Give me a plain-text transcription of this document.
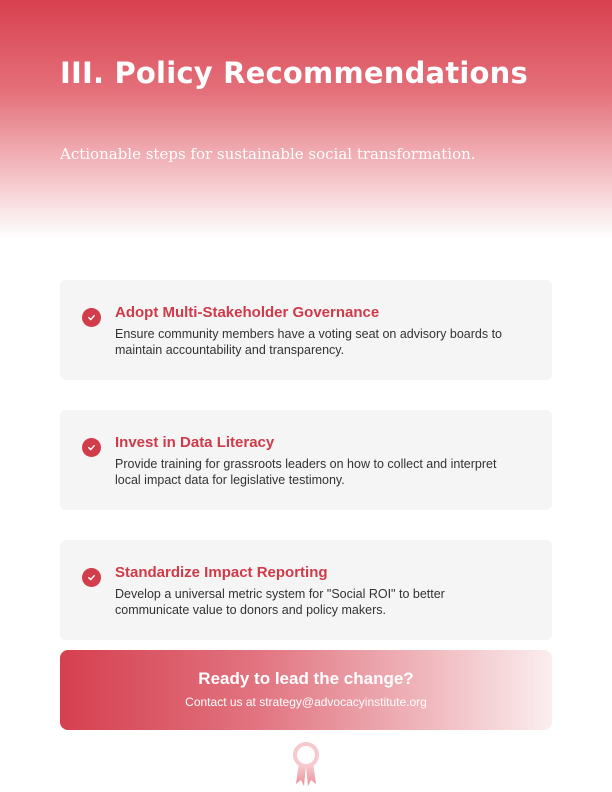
III. Policy Recommendations

Actionable steps for sustainable social transformation.

Adopt Multi-Stakeholder Governance
Ensure community members have a voting seat on advisory boards to maintain accountability and transparency.
Invest in Data Literacy
Provide training for grassroots leaders on how to collect and interpret local impact data for legislative testimony.
Standardize Impact Reporting
Develop a universal metric system for "Social ROI" to better communicate value to donors and policy makers.
Ready to lead the change?
Contact us at strategy@advocacyinstitute.org
